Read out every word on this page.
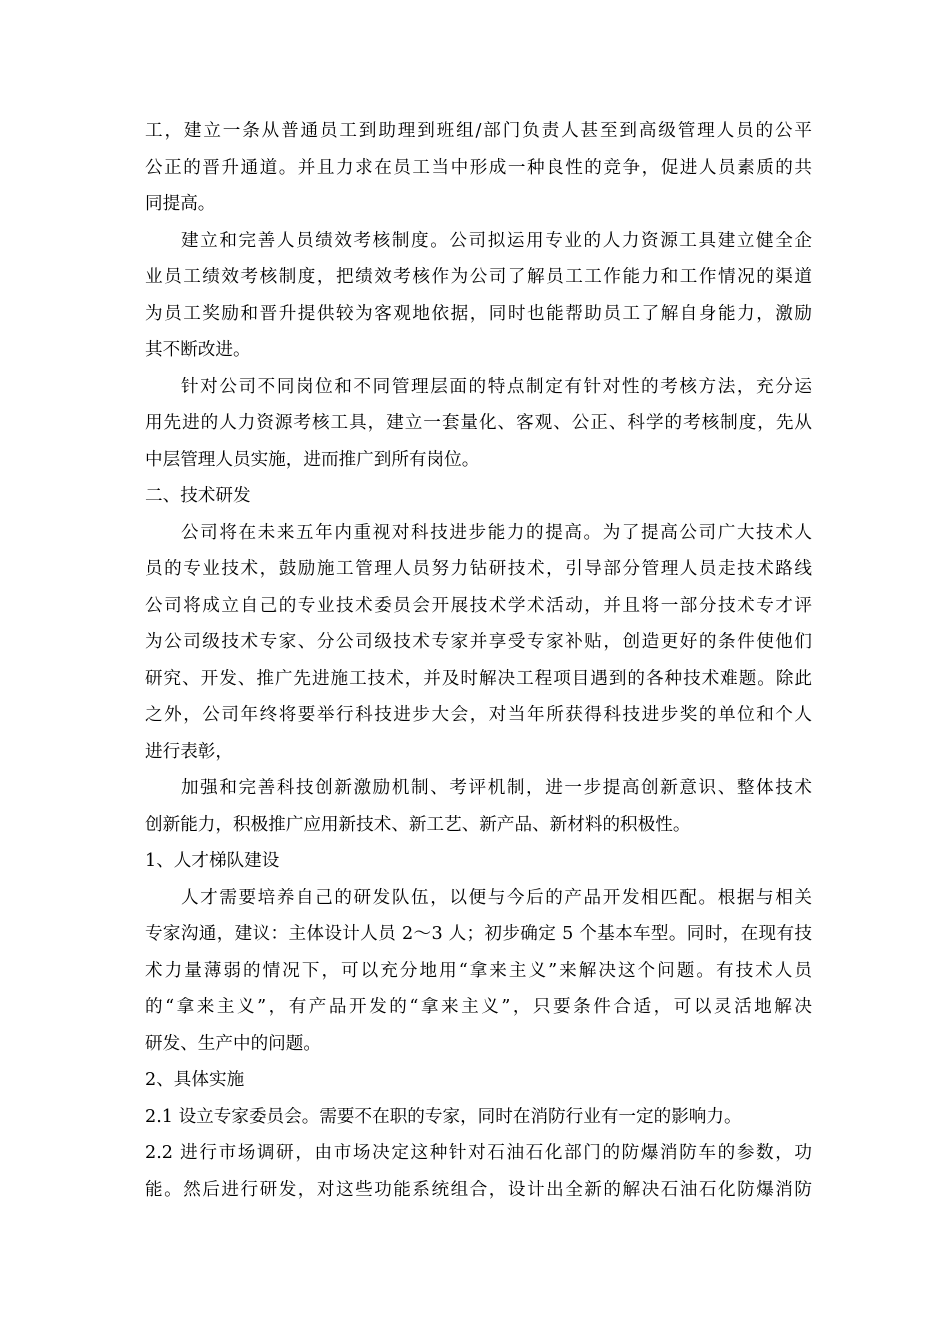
工，建立一条从普通员工到助理到班组/部门负责人甚至到高级管理人员的公平
公正的晋升通道。并且力求在员工当中形成一种良性的竞争，促进人员素质的共
同提高。
建立和完善人员绩效考核制度。公司拟运用专业的人力资源工具建立健全企
业员工绩效考核制度，把绩效考核作为公司了解员工工作能力和工作情况的渠道
为员工奖励和晋升提供较为客观地依据，同时也能帮助员工了解自身能力，激励
其不断改进。
针对公司不同岗位和不同管理层面的特点制定有针对性的考核方法，充分运
用先进的人力资源考核工具，建立一套量化、客观、公正、科学的考核制度，先从
中层管理人员实施，进而推广到所有岗位。
二、技术研发
公司将在未来五年内重视对科技进步能力的提高。为了提高公司广大技术人
员的专业技术，鼓励施工管理人员努力钻研技术，引导部分管理人员走技术路线
公司将成立自己的专业技术委员会开展技术学术活动，并且将一部分技术专才评
为公司级技术专家、分公司级技术专家并享受专家补贴，创造更好的条件使他们
研究、开发、推广先进施工技术，并及时解决工程项目遇到的各种技术难题。除此
之外，公司年终将要举行科技进步大会，对当年所获得科技进步奖的单位和个人
进行表彰，
加强和完善科技创新激励机制、考评机制，进一步提高创新意识、整体技术
创新能力，积极推广应用新技术、新工艺、新产品、新材料的积极性。
1、人才梯队建设
人才需要培养自己的研发队伍，以便与今后的产品开发相匹配。根据与相关
专家沟通，建议：主体设计人员 2～3 人；初步确定 5 个基本车型。同时，在现有技
术力量薄弱的情况下，可以充分地用“拿来主义”来解决这个问题。有技术人员
的“拿来主义”，有产品开发的“拿来主义”，只要条件合适，可以灵活地解决
研发、生产中的问题。
2、具体实施
2.1 设立专家委员会。需要不在职的专家，同时在消防行业有一定的影响力。
2.2 进行市场调研，由市场决定这种针对石油石化部门的防爆消防车的参数，功
能。然后进行研发，对这些功能系统组合，设计出全新的解决石油石化防爆消防
